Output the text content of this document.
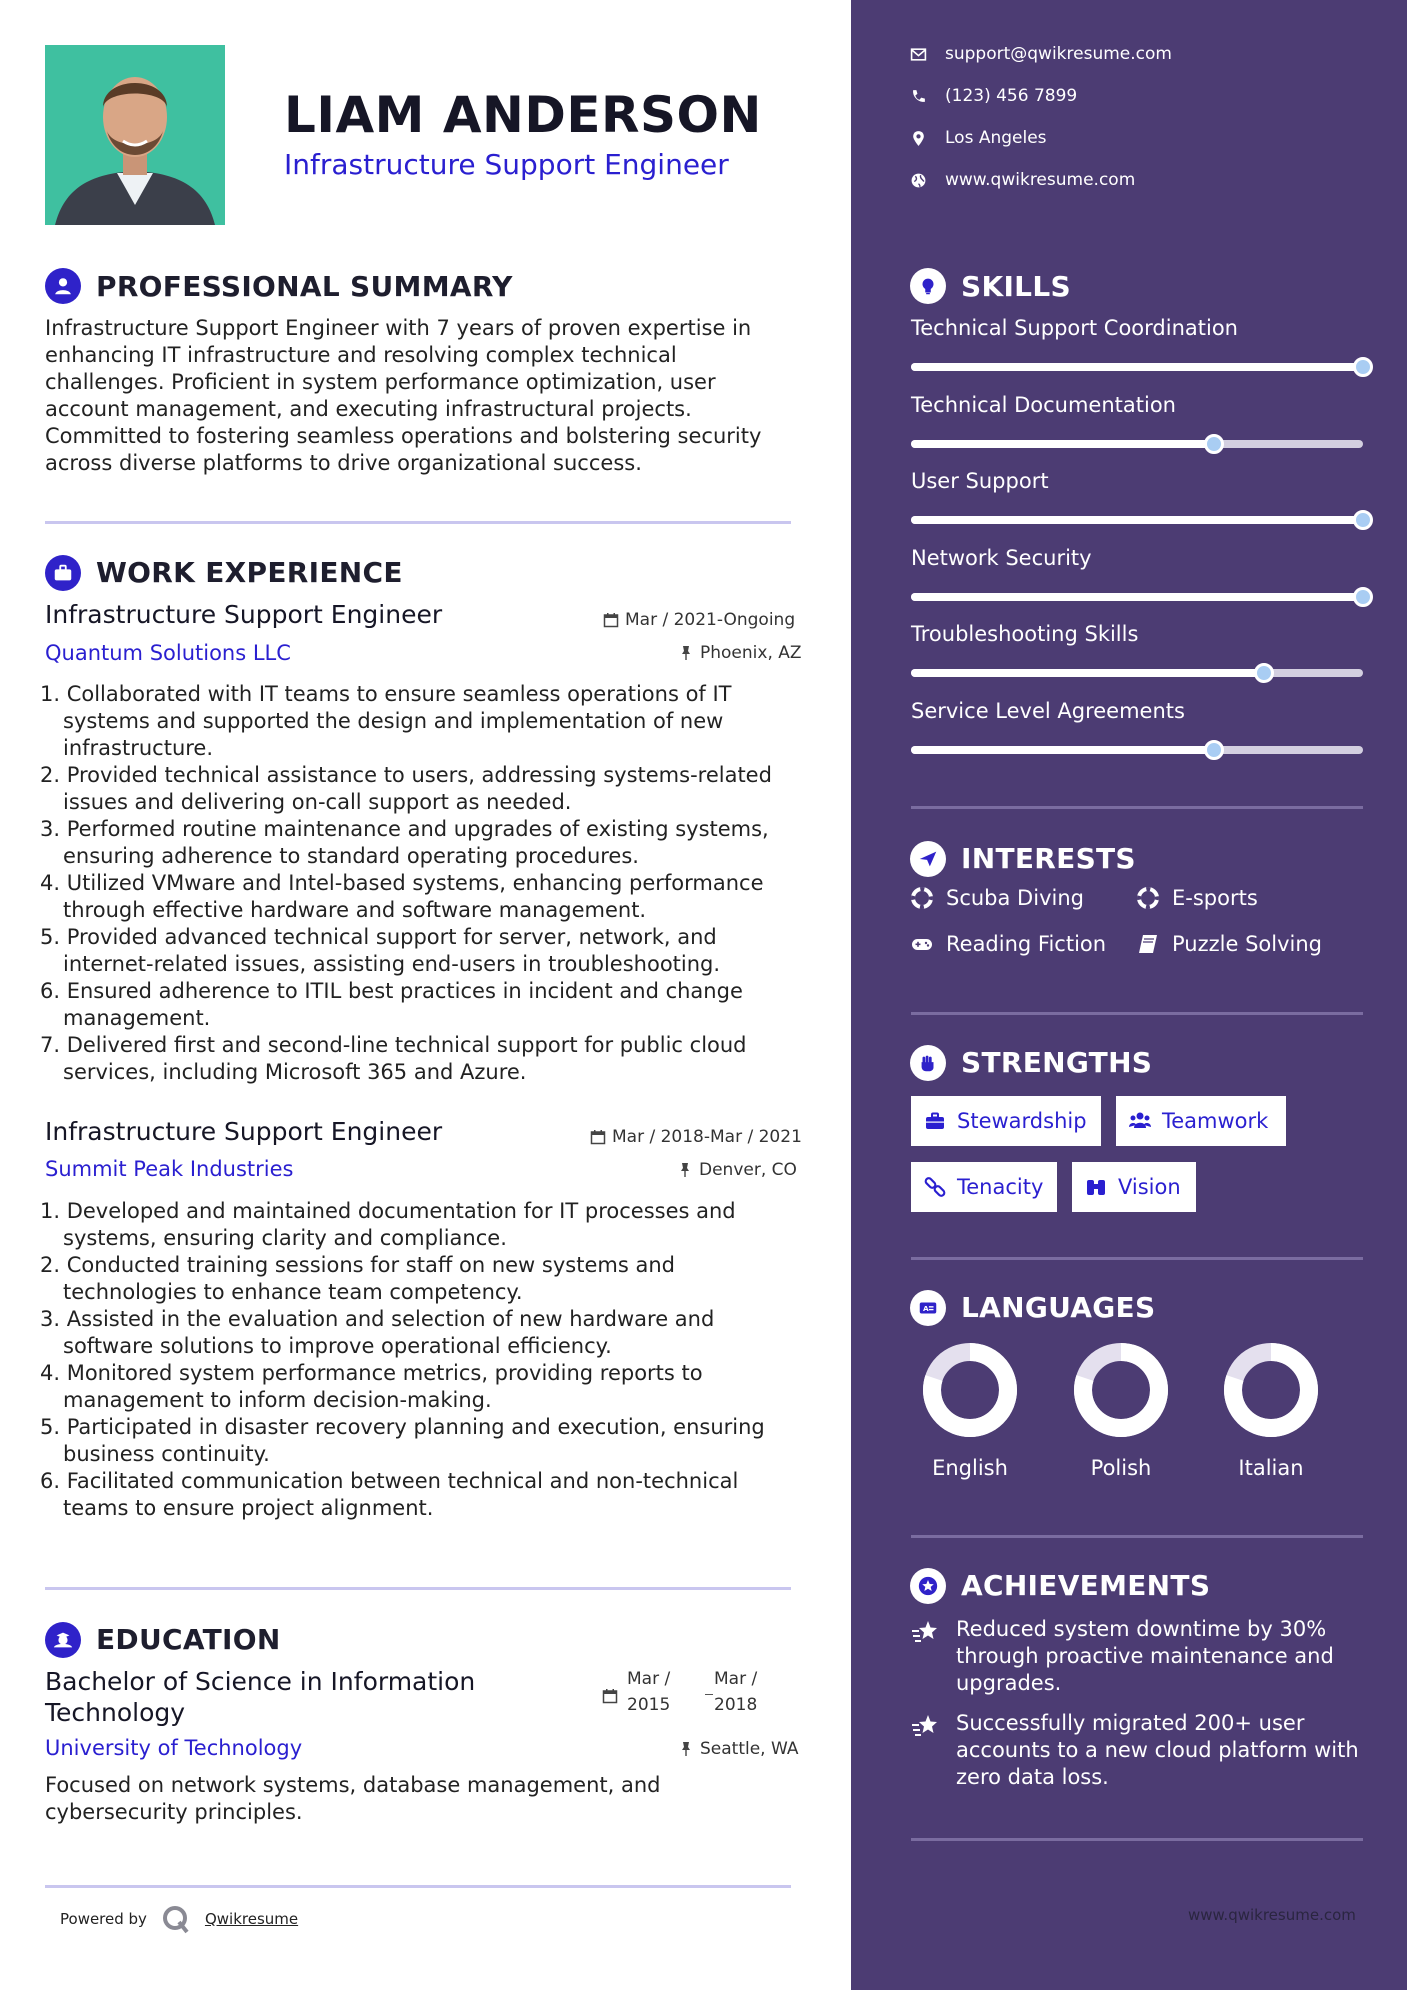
LIAM ANDERSON
Infrastructure Support Engineer
PROFESSIONAL SUMMARY
Infrastructure Support Engineer with 7 years of proven expertise in
enhancing IT infrastructure and resolving complex technical
challenges. Proficient in system performance optimization, user
account management, and executing infrastructural projects.
Committed to fostering seamless operations and bolstering security
across diverse platforms to drive organizational success.
WORK EXPERIENCE
Infrastructure Support Engineer	Mar / 2021-Ongoing
Quantum Solutions LLC	Phoenix, AZ
1. Collaborated with IT teams to ensure seamless operations of IT
systems and supported the design and implementation of new
infrastructure.
2. Provided technical assistance to users, addressing systems-related
issues and delivering on-call support as needed.
3. Performed routine maintenance and upgrades of existing systems,
ensuring adherence to standard operating procedures.
4. Utilized VMware and Intel-based systems, enhancing performance
through effective hardware and software management.
5. Provided advanced technical support for server, network, and
internet-related issues, assisting end-users in troubleshooting.
6. Ensured adherence to ITIL best practices in incident and change
management.
7. Delivered first and second-line technical support for public cloud
services, including Microsoft 365 and Azure.
Infrastructure Support Engineer	Mar / 2018-Mar / 2021
Summit Peak Industries	Denver, CO
1. Developed and maintained documentation for IT processes and
systems, ensuring clarity and compliance.
2. Conducted training sessions for staff on new systems and
technologies to enhance team competency.
3. Assisted in the evaluation and selection of new hardware and
software solutions to improve operational efficiency.
4. Monitored system performance metrics, providing reports to
management to inform decision-making.
5. Participated in disaster recovery planning and execution, ensuring
business continuity.
6. Facilitated communication between technical and non-technical
teams to ensure project alignment.
EDUCATION
Bachelor of Science in Information
Technology
Mar /
2015
Mar /
2018
University of Technology	Seattle, WA
Focused on network systems, database management, and
cybersecurity principles.
Powered by	Qwikresume
support@qwikresume.com
(123) 456 7899
Los Angeles
www.qwikresume.com
SKILLS
Technical Support Coordination
Technical Documentation
User Support
Network Security
Troubleshooting Skills
Service Level Agreements
INTERESTS
Scuba Diving	E-sports
Reading Fiction	Puzzle Solving
STRENGTHS
Stewardship	Teamwork
Tenacity	Vision
A LANGUAGES
English	Polish	Italian
ACHIEVEMENTS
Reduced system downtime by 30%
through proactive maintenance and
upgrades.
Successfully migrated 200+ user
accounts to a new cloud platform with
zero data loss.
www.qwikresume.com
